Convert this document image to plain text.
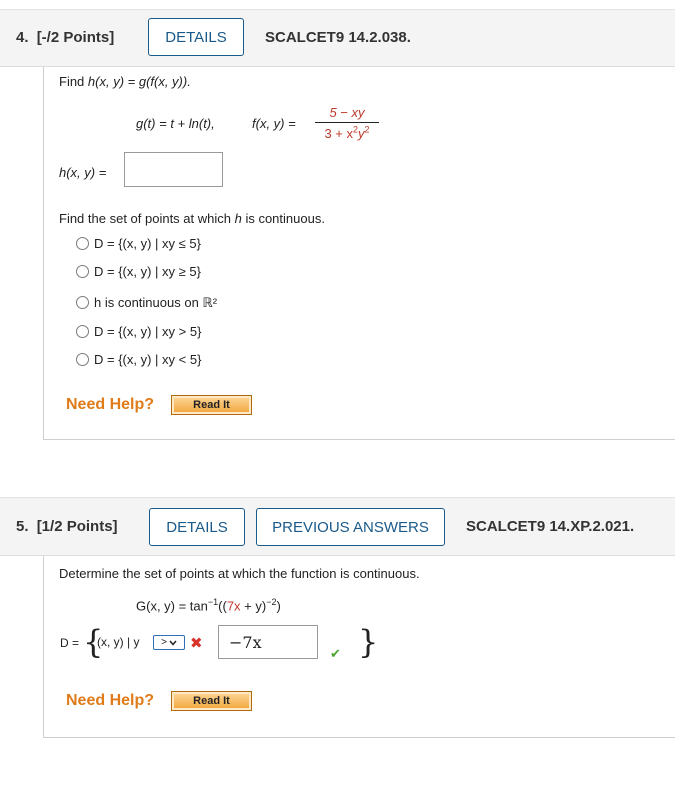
4. [-/2 Points]	DETAILS	SCALCET9 14.2.038.
Find h(x, y) = g(f(x, y)).
g(t) = t + ln(t),	f(x, y) =
5 − xy
$3 + x^2y^2$
h(x, y) =
Find the set of points at which h is continuous.
D = {(x, y) | xy ≤ 5}
D = {(x, y) | xy ≥ 5}
h is continuous on ℝ²
D = {(x, y) | xy > 5}
D = {(x, y) | xy < 5}
Need Help?	Read It
5. [1/2 Points]	DETAILS	PREVIOUS ANSWERS SCALCET9 14.XP.2.021.
Determine the set of points at which the function is continuous.
G(x, $y) = \tan^{-1}((7x + y)^{-2})$
D = {
(x, y) | y > ✖ −7x
✔ }
Need Help?	Read It
